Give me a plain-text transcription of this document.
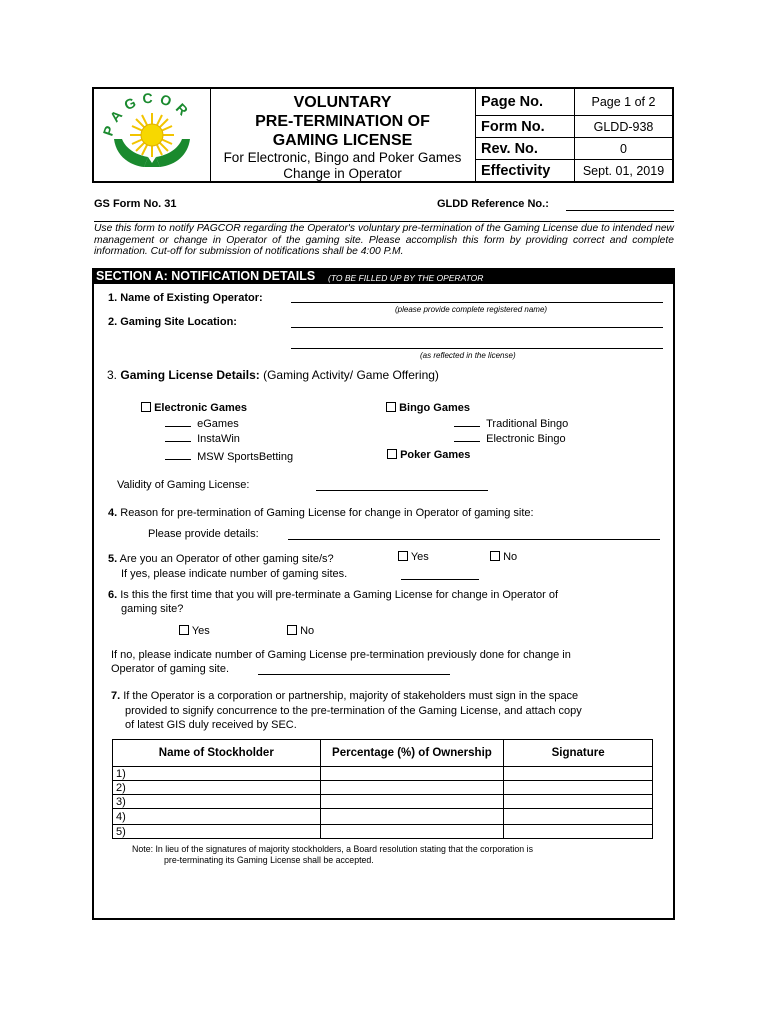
PAGCOR	VOLUNTARY
PRE-TERMINATION OF
GAMING LICENSE
For Electronic, Bingo and Poker Games
Change in Operator
Page No.	Page 1 of 2
Form No.	GLDD-938
Rev. No.	0
Effectivity	Sept. 01, 2019
GS Form No. 31	GLDD Reference No.:
Use this form to notify PAGCOR regarding the Operator's voluntary pre-termination of the Gaming License due to intended new management or change in Operator of the gaming site. Please accomplish this form by providing correct and complete information. Cut-off for submission of notifications shall be 4:00 P.M.
SECTION A: NOTIFICATION DETAILS (TO BE FILLED UP BY THE OPERATOR
1. Name of Existing Operator:
(please provide complete registered name)
2. Gaming Site Location:
(as reflected in the license)
3. Gaming License Details: (Gaming Activity/ Game Offering)
Electronic Games
eGames
InstaWin
MSW SportsBetting
Bingo Games
Traditional Bingo
Electronic Bingo
Poker Games
Validity of Gaming License:
4. Reason for pre-termination of Gaming License for change in Operator of gaming site:
Please provide details:
5. Are you an Operator of other gaming site/s?	Yes	No
If yes, please indicate number of gaming sites.
6. Is this the first time that you will pre-terminate a Gaming License for change in Operator of
gaming site?
Yes	No
If no, please indicate number of Gaming License pre-termination previously done for change in
Operator of gaming site.
7. If the Operator is a corporation or partnership, majority of stakeholders must sign in the space
provided to signify concurrence to the pre-termination of the Gaming License, and attach copy
of latest GIS duly received by SEC.
Name of Stockholder	Percentage (%) of Ownership	Signature
1)		
2)		
3)		
4)		
5)		
Note: In lieu of the signatures of majority stockholders, a Board resolution stating that the corporation is
pre-terminating its Gaming License shall be accepted.
